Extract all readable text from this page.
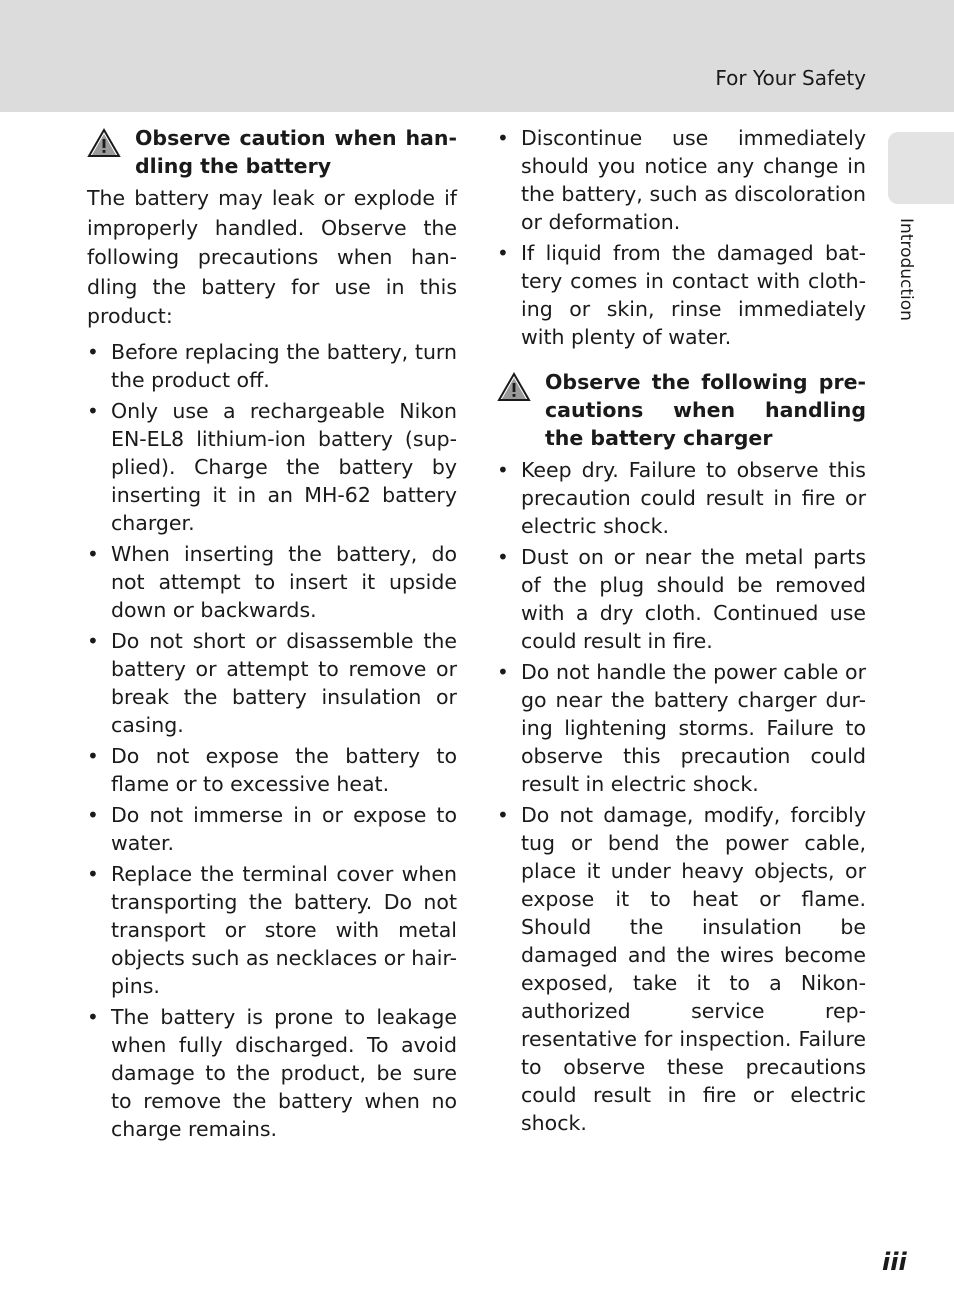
For Your Safety
Introduction
Observe caution when han-dling the battery

The battery may leak or explode if improperly handled. Observe the following precautions when han-dling the battery for use in this product:

• Before replacing the battery, turn the product off.
• Only use a rechargeable Nikon EN-EL8 lithium-ion battery (sup-plied). Charge the battery by inserting it in an MH-62 battery charger.
• When inserting the battery, do not attempt to insert it upside down or backwards.
• Do not short or disassemble the battery or attempt to remove or break the battery insulation or casing.
• Do not expose the battery to flame or to excessive heat.
• Do not immerse in or expose to water.
• Replace the terminal cover when transporting the battery. Do not transport or store with metal objects such as necklaces or hair-pins.
• The battery is prone to leakage when fully discharged. To avoid damage to the product, be sure to remove the battery when no charge remains.
• Discontinue use immediately should you notice any change in the battery, such as discoloration or deformation.
• If liquid from the damaged bat-tery comes in contact with cloth-ing or skin, rinse immediately with plenty of water.
Observe the following pre-cautions when handling the battery charger
• Keep dry. Failure to observe this precaution could result in fire or electric shock.
• Dust on or near the metal parts of the plug should be removed with a dry cloth. Continued use could result in fire.
• Do not handle the power cable or go near the battery charger dur-ing lightening storms. Failure to observe this precaution could result in electric shock.
• Do not damage, modify, forcibly tug or bend the power cable, place it under heavy objects, or expose it to heat or flame. Should the insulation be damaged and the wires become exposed, take it to a Nikon-authorized service rep-resentative for inspection. Failure to observe these precautions could result in fire or electric shock.
iii
